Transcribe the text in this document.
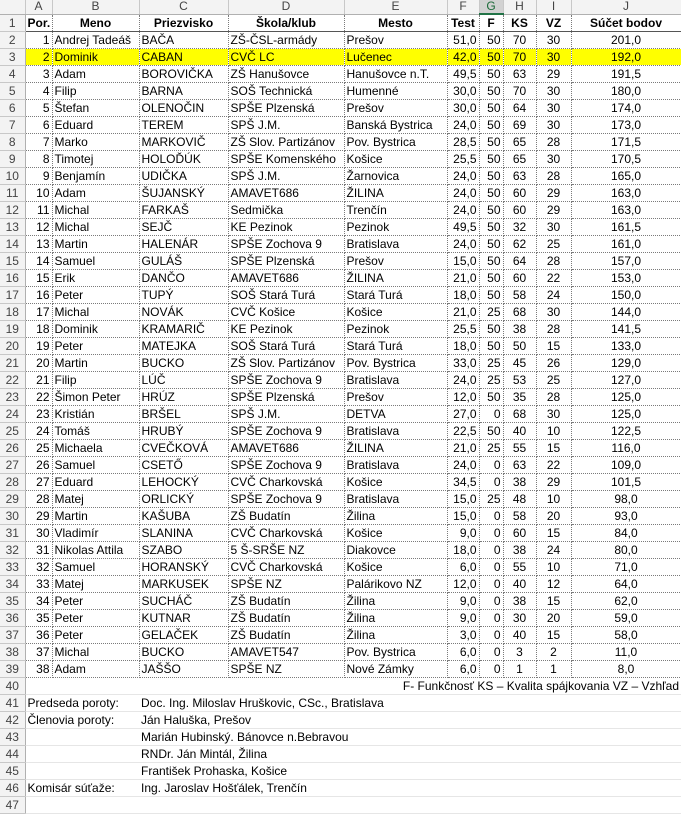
	A	B	C	D	E	F	G	H	I	J
1	Por.	Meno	Priezvisko	Škola/klub	Mesto	Test	F	KS	VZ	Súčet bodov
2	1	Andrej Tadeáš	BAČA	ZŠ-ČSL-armády	Prešov	51,0	50	70	30	201,0
3	2	Dominik	CABAN	CVČ LC	Lučenec	42,0	50	70	30	192,0
4	3	Adam	BOROVIČKA	ZŠ Hanušovce	Hanušovce n.T.	49,5	50	63	29	191,5
5	4	Filip	BARNA	SOŠ Technická	Humenné	30,0	50	70	30	180,0
6	5	Štefan	OLENOČIN	SPŠE Plzenská	Prešov	30,0	50	64	30	174,0
7	6	Eduard	TEREM	SPŠ J.M.	Banská Bystrica	24,0	50	69	30	173,0
8	7	Marko	MARKOVIČ	ZŠ Slov. Partizánov	Pov. Bystrica	28,5	50	65	28	171,5
9	8	Timotej	HOLOĎÚK	SPŠE Komenského	Košice	25,5	50	65	30	170,5
10	9	Benjamín	UDIČKA	SPŠ J.M.	Žarnovica	24,0	50	63	28	165,0
11	10	Adam	ŠUJANSKÝ	AMAVET686	ŽILINA	24,0	50	60	29	163,0
12	11	Michal	FARKAŠ	Sedmička	Trenčín	24,0	50	60	29	163,0
13	12	Michal	SEJČ	KE Pezinok	Pezinok	49,5	50	32	30	161,5
14	13	Martin	HALENÁR	SPŠE Zochova 9	Bratislava	24,0	50	62	25	161,0
15	14	Samuel	GULÁŠ	SPŠE Plzenská	Prešov	15,0	50	64	28	157,0
16	15	Erik	DANČO	AMAVET686	ŽILINA	21,0	50	60	22	153,0
17	16	Peter	TUPÝ	SOŠ Stará Turá	Stará Turá	18,0	50	58	24	150,0
18	17	Michal	NOVÁK	CVČ Košice	Košice	21,0	25	68	30	144,0
19	18	Dominik	KRAMARIČ	KE Pezinok	Pezinok	25,5	50	38	28	141,5
20	19	Peter	MATEJKA	SOŠ Stará Turá	Stará Turá	18,0	50	50	15	133,0
21	20	Martin	BUCKO	ZŠ Slov. Partizánov	Pov. Bystrica	33,0	25	45	26	129,0
22	21	Filip	LÚČ	SPŠE Zochova 9	Bratislava	24,0	25	53	25	127,0
23	22	Šimon Peter	HRÚZ	SPŠE Plzenská	Prešov	12,0	50	35	28	125,0
24	23	Kristián	BRŠEL	SPŠ J.M.	DETVA	27,0	0	68	30	125,0
25	24	Tomáš	HRUBÝ	SPŠE Zochova 9	Bratislava	22,5	50	40	10	122,5
26	25	Michaela	CVEČKOVÁ	AMAVET686	ŽILINA	21,0	25	55	15	116,0
27	26	Samuel	CSETŐ	SPŠE Zochova 9	Bratislava	24,0	0	63	22	109,0
28	27	Eduard	LEHOCKÝ	CVČ Charkovská	Košice	34,5	0	38	29	101,5
29	28	Matej	ORLICKÝ	SPŠE Zochova 9	Bratislava	15,0	25	48	10	98,0
30	29	Martin	KAŠUBA	ZŠ Budatín	Žilina	15,0	0	58	20	93,0
31	30	Vladimír	SLANINA	CVČ Charkovská	Košice	9,0	0	60	15	84,0
32	31	Nikolas Attila	SZABO	5 Š-SRŠE NZ	Diakovce	18,0	0	38	24	80,0
33	32	Samuel	HORANSKÝ	CVČ Charkovská	Košice	6,0	0	55	10	71,0
34	33	Matej	MARKUSEK	SPŠE NZ	Palárikovo NZ	12,0	0	40	12	64,0
35	34	Peter	SUCHÁČ	ZŠ Budatín	Žilina	9,0	0	38	15	62,0
36	35	Peter	KUTNAR	ZŠ Budatín	Žilina	9,0	0	30	20	59,0
37	36	Peter	GELAČEK	ZŠ Budatín	Žilina	3,0	0	40	15	58,0
38	37	Michal	BUCKO	AMAVET547	Pov. Bystrica	6,0	0	3	2	11,0
39	38	Adam	JAŠŠO	SPŠE NZ	Nové Zámky	6,0	0	1	1	8,0
40					F- Funkčnosť KS – Kvalita spájkovania VZ – Vzhľad					
41	Predseda poroty:		Doc. Ing. Miloslav Hruškovic, CSc., Bratislava							
42	Členovia poroty:		Ján Haluška, Prešov							
43			Marián Hubinský. Bánovce n.Bebravou							
44			RNDr. Ján Mintál, Žilina							
45			František Prohaska, Košice							
46	Komisár súťaže:		Ing. Jaroslav Hošťálek, Trenčín							
47										
